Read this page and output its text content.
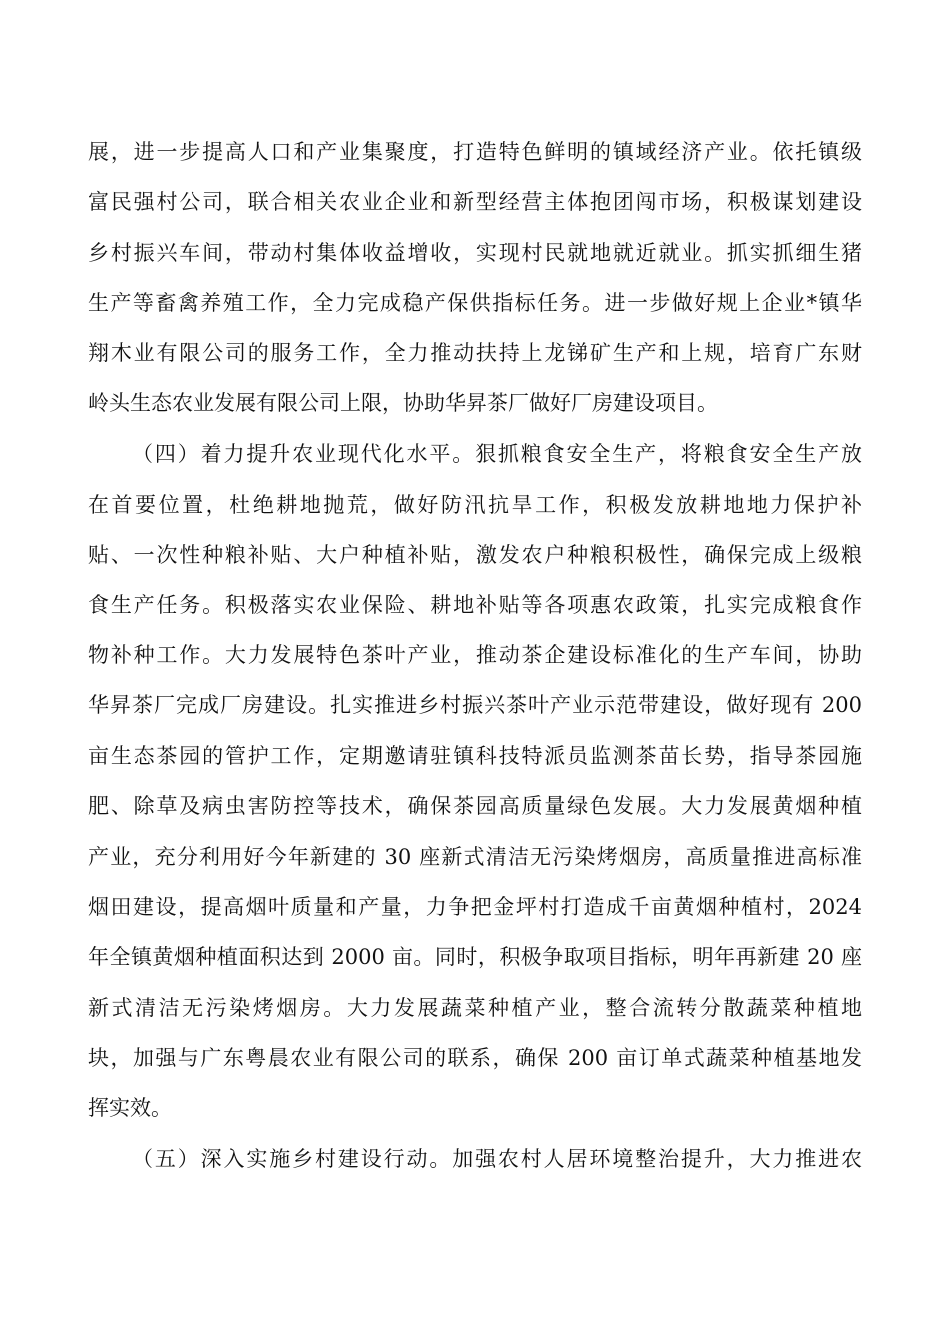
展，进一步提高人口和产业集聚度，打造特色鲜明的镇域经济产业。依托镇级
富民强村公司，联合相关农业企业和新型经营主体抱团闯市场，积极谋划建设
乡村振兴车间，带动村集体收益增收，实现村民就地就近就业。抓实抓细生猪
生产等畜禽养殖工作，全力完成稳产保供指标任务。进一步做好规上企业*镇华
翔木业有限公司的服务工作，全力推动扶持上龙锑矿生产和上规，培育广东财
岭头生态农业发展有限公司上限，协助华昇茶厂做好厂房建设项目。
（四）着力提升农业现代化水平。狠抓粮食安全生产，将粮食安全生产放
在首要位置，杜绝耕地抛荒，做好防汛抗旱工作，积极发放耕地地力保护补
贴、一次性种粮补贴、大户种植补贴，激发农户种粮积极性，确保完成上级粮
食生产任务。积极落实农业保险、耕地补贴等各项惠农政策，扎实完成粮食作
物补种工作。大力发展特色茶叶产业，推动茶企建设标准化的生产车间，协助
华昇茶厂完成厂房建设。扎实推进乡村振兴茶叶产业示范带建设，做好现有 200
亩生态茶园的管护工作，定期邀请驻镇科技特派员监测茶苗长势，指导茶园施
肥、除草及病虫害防控等技术，确保茶园高质量绿色发展。大力发展黄烟种植
产业，充分利用好今年新建的 30 座新式清洁无污染烤烟房，高质量推进高标准
烟田建设，提高烟叶质量和产量，力争把金坪村打造成千亩黄烟种植村，2024
年全镇黄烟种植面积达到 2000 亩。同时，积极争取项目指标，明年再新建 20 座
新式清洁无污染烤烟房。大力发展蔬菜种植产业，整合流转分散蔬菜种植地
块，加强与广东粤晨农业有限公司的联系，确保 200 亩订单式蔬菜种植基地发
挥实效。
（五）深入实施乡村建设行动。加强农村人居环境整治提升，大力推进农
